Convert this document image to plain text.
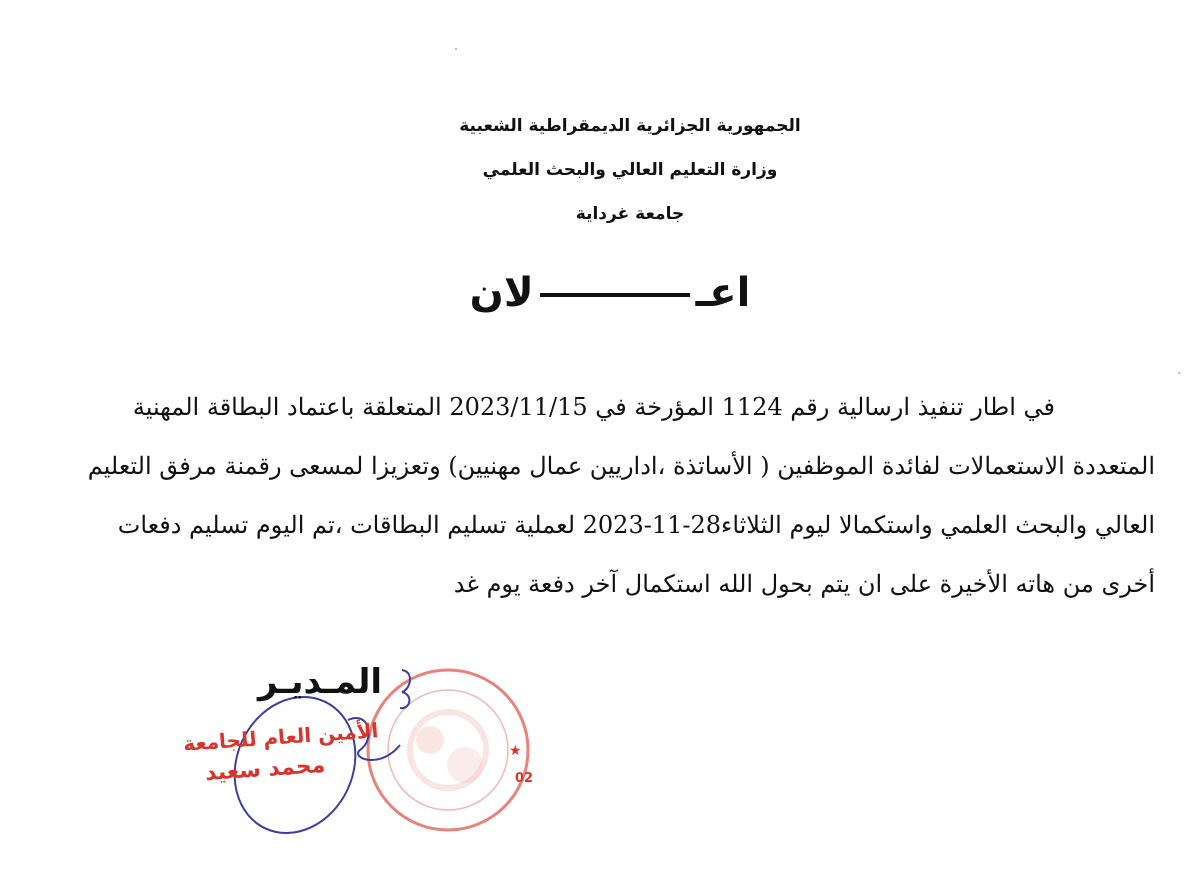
الجمهورية الجزائرية الديمقراطية الشعبية
وزارة التعليم العالي والبحث العلمي
جامعة غرداية
اعـلان
في اطار تنفيذ ارسالية رقم 1124 المؤرخة في 2023/11/15 المتعلقة باعتماد البطاقة المهنية
المتعددة الاستعمالات لفائدة الموظفين ( الأساتذة ،اداريين عمال مهنيين) وتعزيزا لمسعى رقمنة مرفق التعليم
العالي والبحث العلمي واستكمالا ليوم الثلاثاء28-11-2023 لعملية تسليم البطاقات ،تم اليوم تسليم دفعات
أخرى من هاته الأخيرة على ان يتم بحول الله استكمال آخر دفعة يوم غد
02
★
المـديـر
الأمين العام للجامعة
محمد سعيد
